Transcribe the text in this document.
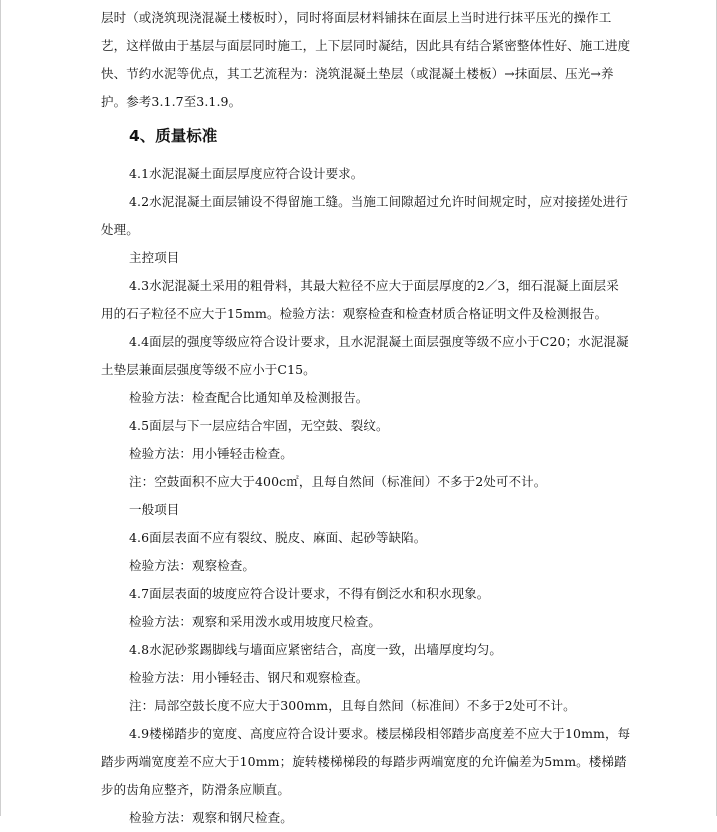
层时（或浇筑现浇混凝土楼板时），同时将面层材料铺抹在面层上当时进行抹平压光的操作工艺，这样做由于基层与面层同时施工，上下层同时凝结，因此具有结合紧密整体性好、施工进度快、节约水泥等优点，其工艺流程为：浇筑混凝土垫层（或混凝土楼板）→抹面层、压光→养护。参考3.1.7至3.1.9。

4、质量标准

4.1水泥混凝土面层厚度应符合设计要求。

4.2水泥混凝土面层铺设不得留施工缝。当施工间隙超过允许时间规定时，应对接搓处进行处理。

主控项目

4.3水泥混凝土采用的粗骨料，其最大粒径不应大于面层厚度的2／3，细石混凝上面层采用的石子粒径不应大于15mm。检验方法：观察检查和检查材质合格证明文件及检测报告。

4.4面层的强度等级应符合设计要求，且水泥混凝土面层强度等级不应小于C20；水泥混凝土垫层兼面层强度等级不应小于C15。

检验方法：检查配合比通知单及检测报告。

4.5面层与下一层应结合牢固，无空鼓、裂纹。

检验方法：用小锤轻击检查。

注：空鼓面积不应大于400c㎡，且每自然间（标准间）不多于2处可不计。

一般项目

4.6面层表面不应有裂纹、脱皮、麻面、起砂等缺陷。

检验方法：观察检查。

4.7面层表面的坡度应符合设计要求，不得有倒泛水和积水现象。

检验方法：观察和采用泼水或用坡度尺检查。

4.8水泥砂浆踢脚线与墙面应紧密结合，高度一致，出墙厚度均匀。

检验方法：用小锤轻击、钢尺和观察检查。

注：局部空鼓长度不应大于300mm，且每自然间（标准间）不多于2处可不计。

4.9楼梯踏步的宽度、高度应符合设计要求。楼层梯段相邻踏步高度差不应大于10mm，每踏步两端宽度差不应大于10mm；旋转楼梯梯段的每踏步两端宽度的允许偏差为5mm。楼梯踏步的齿角应整齐，防滑条应顺直。

检验方法：观察和钢尺检查。
